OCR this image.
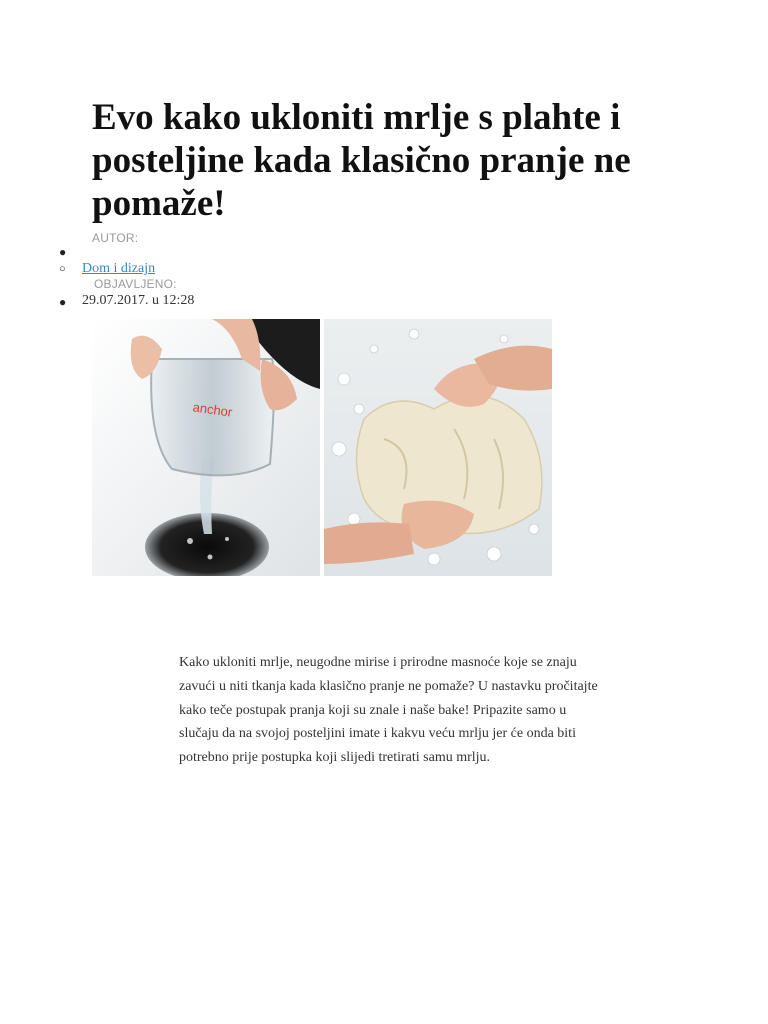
Evo kako ukloniti mrlje s plahte i posteljine kada klasično pranje ne pomaže!
AUTOR:
●
○ Dom i dizajn
OBJAVLJENO:
● 29.07.2017. u 12:28
anchor

Kako ukloniti mrlje, neugodne mirise i prirodne masnoće koje se znaju zavući u niti tkanja kada klasično pranje ne pomaže? U nastavku pročitajte kako teče postupak pranja koji su znale i naše bake! Pripazite samo u slučaju da na svojoj posteljini imate i kakvu veću mrlju jer će onda biti potrebno prije postupka koji slijedi tretirati samu mrlju.
